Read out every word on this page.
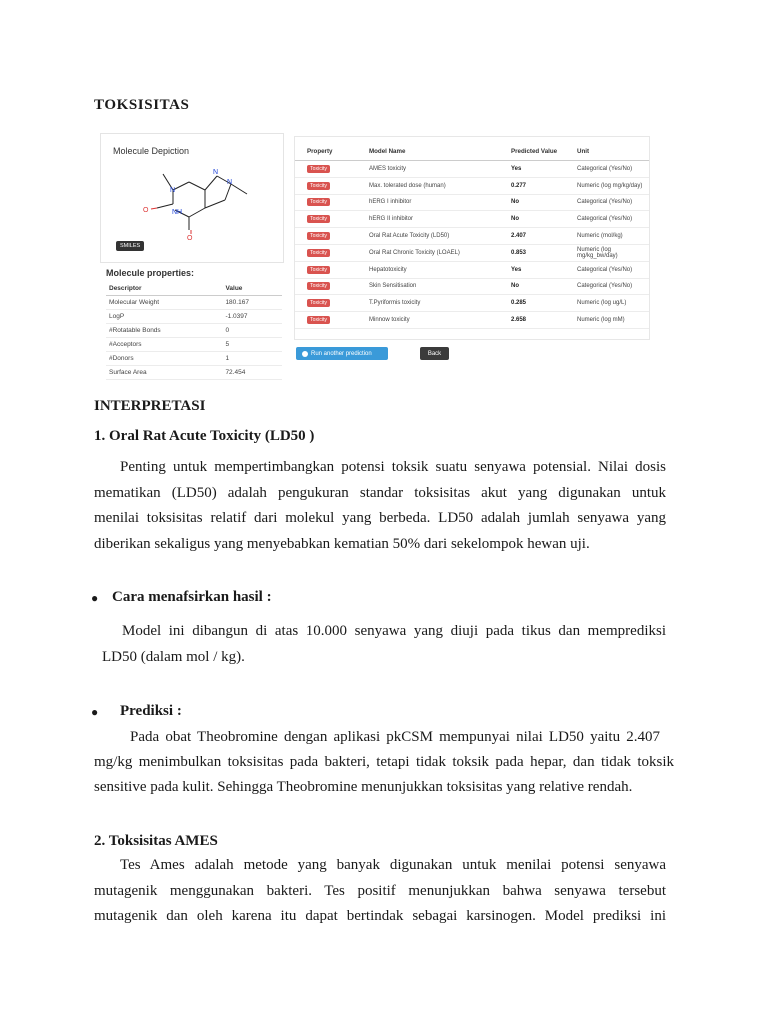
TOKSISITAS
Molecule Depiction
N
N
N
NH
O
O
SMILES
Molecule properties:
Descriptor	Value
Molecular Weight	180.167
LogP	-1.0397
#Rotatable Bonds	0
#Acceptors	5
#Donors	1
Surface Area	72.454
Property	Model Name	Predicted Value	Unit
Toxicity	AMES toxicity	Yes	Categorical (Yes/No)
Toxicity	Max. tolerated dose (human)	0.277	Numeric (log mg/kg/day)
Toxicity	hERG I inhibitor	No	Categorical (Yes/No)
Toxicity	hERG II inhibitor	No	Categorical (Yes/No)
Toxicity	Oral Rat Acute Toxicity (LD50)	2.407	Numeric (mol/kg)
Toxicity	Oral Rat Chronic Toxicity (LOAEL)	0.853	Numeric (log mg/kg_bw/day)
Toxicity	Hepatotoxicity	Yes	Categorical (Yes/No)
Toxicity	Skin Sensitisation	No	Categorical (Yes/No)
Toxicity	T.Pyriformis toxicity	0.285	Numeric (log ug/L)
Toxicity	Minnow toxicity	2.658	Numeric (log mM)
Run another prediction	Back
INTERPRETASI
1. Oral Rat Acute Toxicity (LD50 )
Penting untuk mempertimbangkan potensi toksik suatu senyawa potensial. Nilai dosis
mematikan (LD50) adalah pengukuran standar toksisitas akut yang digunakan untuk
menilai toksisitas relatif dari molekul yang berbeda. LD50 adalah jumlah senyawa yang
diberikan sekaligus yang menyebabkan kematian 50% dari sekelompok hewan uji.
● Cara menafsirkan hasil :
Model ini dibangun di atas 10.000 senyawa yang diuji pada tikus dan memprediksi
LD50 (dalam mol / kg).
● Prediksi :
Pada obat Theobromine dengan aplikasi pkCSM mempunyai nilai LD50 yaitu 2.407
mg/kg menimbulkan toksisitas pada bakteri, tetapi tidak toksik pada hepar, dan tidak toksik
sensitive pada kulit. Sehingga Theobromine menunjukkan toksisitas yang relative rendah.
2. Toksisitas AMES
Tes Ames adalah metode yang banyak digunakan untuk menilai potensi senyawa
mutagenik menggunakan bakteri. Tes positif menunjukkan bahwa senyawa tersebut
mutagenik dan oleh karena itu dapat bertindak sebagai karsinogen. Model prediksi ini
